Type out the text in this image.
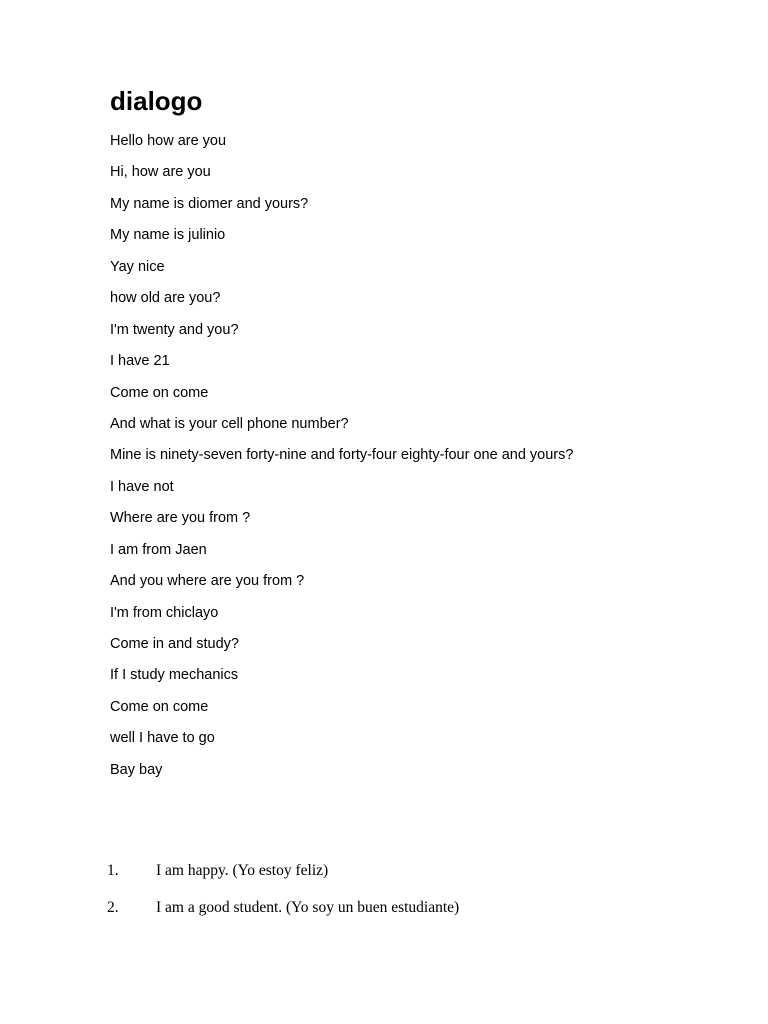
dialogo
Hello how are you
Hi, how are you
My name is diomer and yours?
My name is julinio
Yay nice
how old are you?
I'm twenty and you?
I have 21
Come on come
And what is your cell phone number?
Mine is ninety-seven forty-nine and forty-four eighty-four one and yours?
I have not
Where are you from ?
I am from Jaen
And you where are you from ?
I'm from chiclayo
Come in and study?
If I study mechanics
Come on come
well I have to go
Bay bay
1. I am happy. (Yo estoy feliz)
2. I am a good student. (Yo soy un buen estudiante)
